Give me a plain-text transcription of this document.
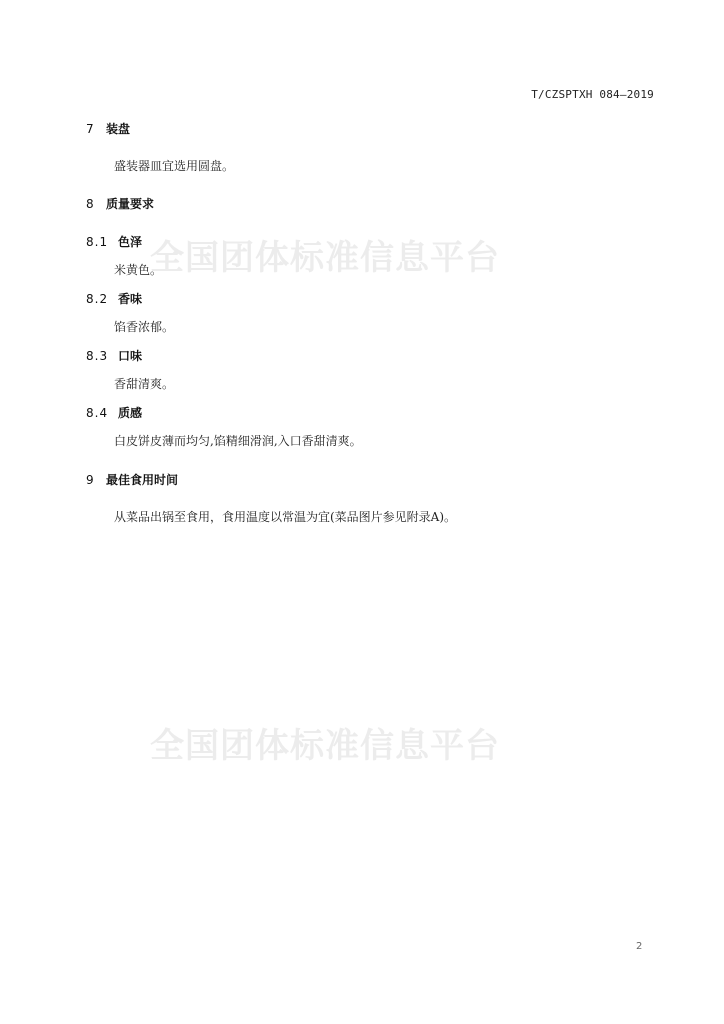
T/CZSPTXH 084—2019
全国团体标准信息平台
全国团体标准信息平台
7 装盘
盛装器皿宜选用圆盘。
8 质量要求
8.1 色泽
米黄色。
8.2 香味
馅香浓郁。
8.3 口味
香甜清爽。
8.4 质感
白皮饼皮薄而均匀,馅精细滑润,入口香甜清爽。
9 最佳食用时间
从菜品出锅至食用，食用温度以常温为宜(菜品图片参见附录A)。
2
